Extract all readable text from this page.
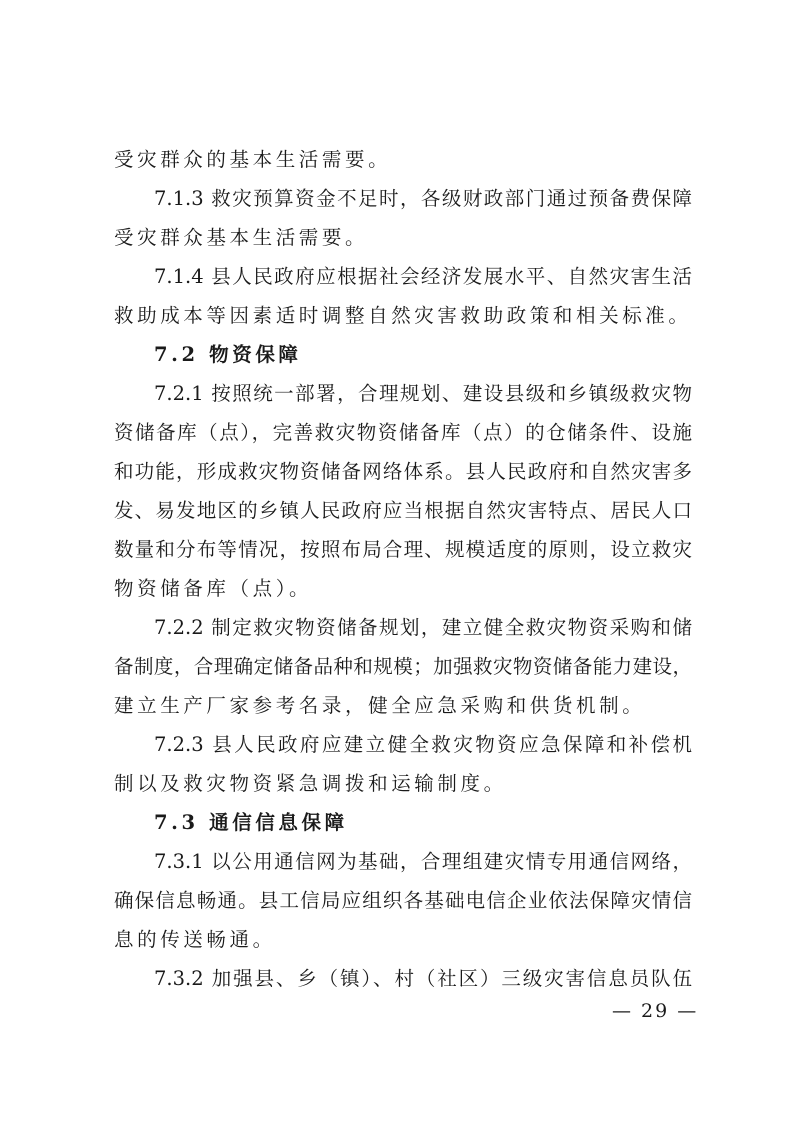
受灾群众的基本生活需要。
7.1.3 救灾预算资金不足时，各级财政部门通过预备费保障
受灾群众基本生活需要。
7.1.4 县人民政府应根据社会经济发展水平、自然灾害生活
救助成本等因素适时调整自然灾害救助政策和相关标准。
7.2 物资保障
7.2.1 按照统一部署，合理规划、建设县级和乡镇级救灾物
资储备库（点），完善救灾物资储备库（点）的仓储条件、设施
和功能，形成救灾物资储备网络体系。县人民政府和自然灾害多
发、易发地区的乡镇人民政府应当根据自然灾害特点、居民人口
数量和分布等情况，按照布局合理、规模适度的原则，设立救灾
物资储备库（点）。
7.2.2 制定救灾物资储备规划，建立健全救灾物资采购和储
备制度，合理确定储备品种和规模；加强救灾物资储备能力建设，
建立生产厂家参考名录，健全应急采购和供货机制。
7.2.3 县人民政府应建立健全救灾物资应急保障和补偿机
制以及救灾物资紧急调拨和运输制度。
7.3 通信信息保障
7.3.1 以公用通信网为基础，合理组建灾情专用通信网络，
确保信息畅通。县工信局应组织各基础电信企业依法保障灾情信
息的传送畅通。
7.3.2 加强县、乡（镇）、村（社区）三级灾害信息员队伍
— 29 —
